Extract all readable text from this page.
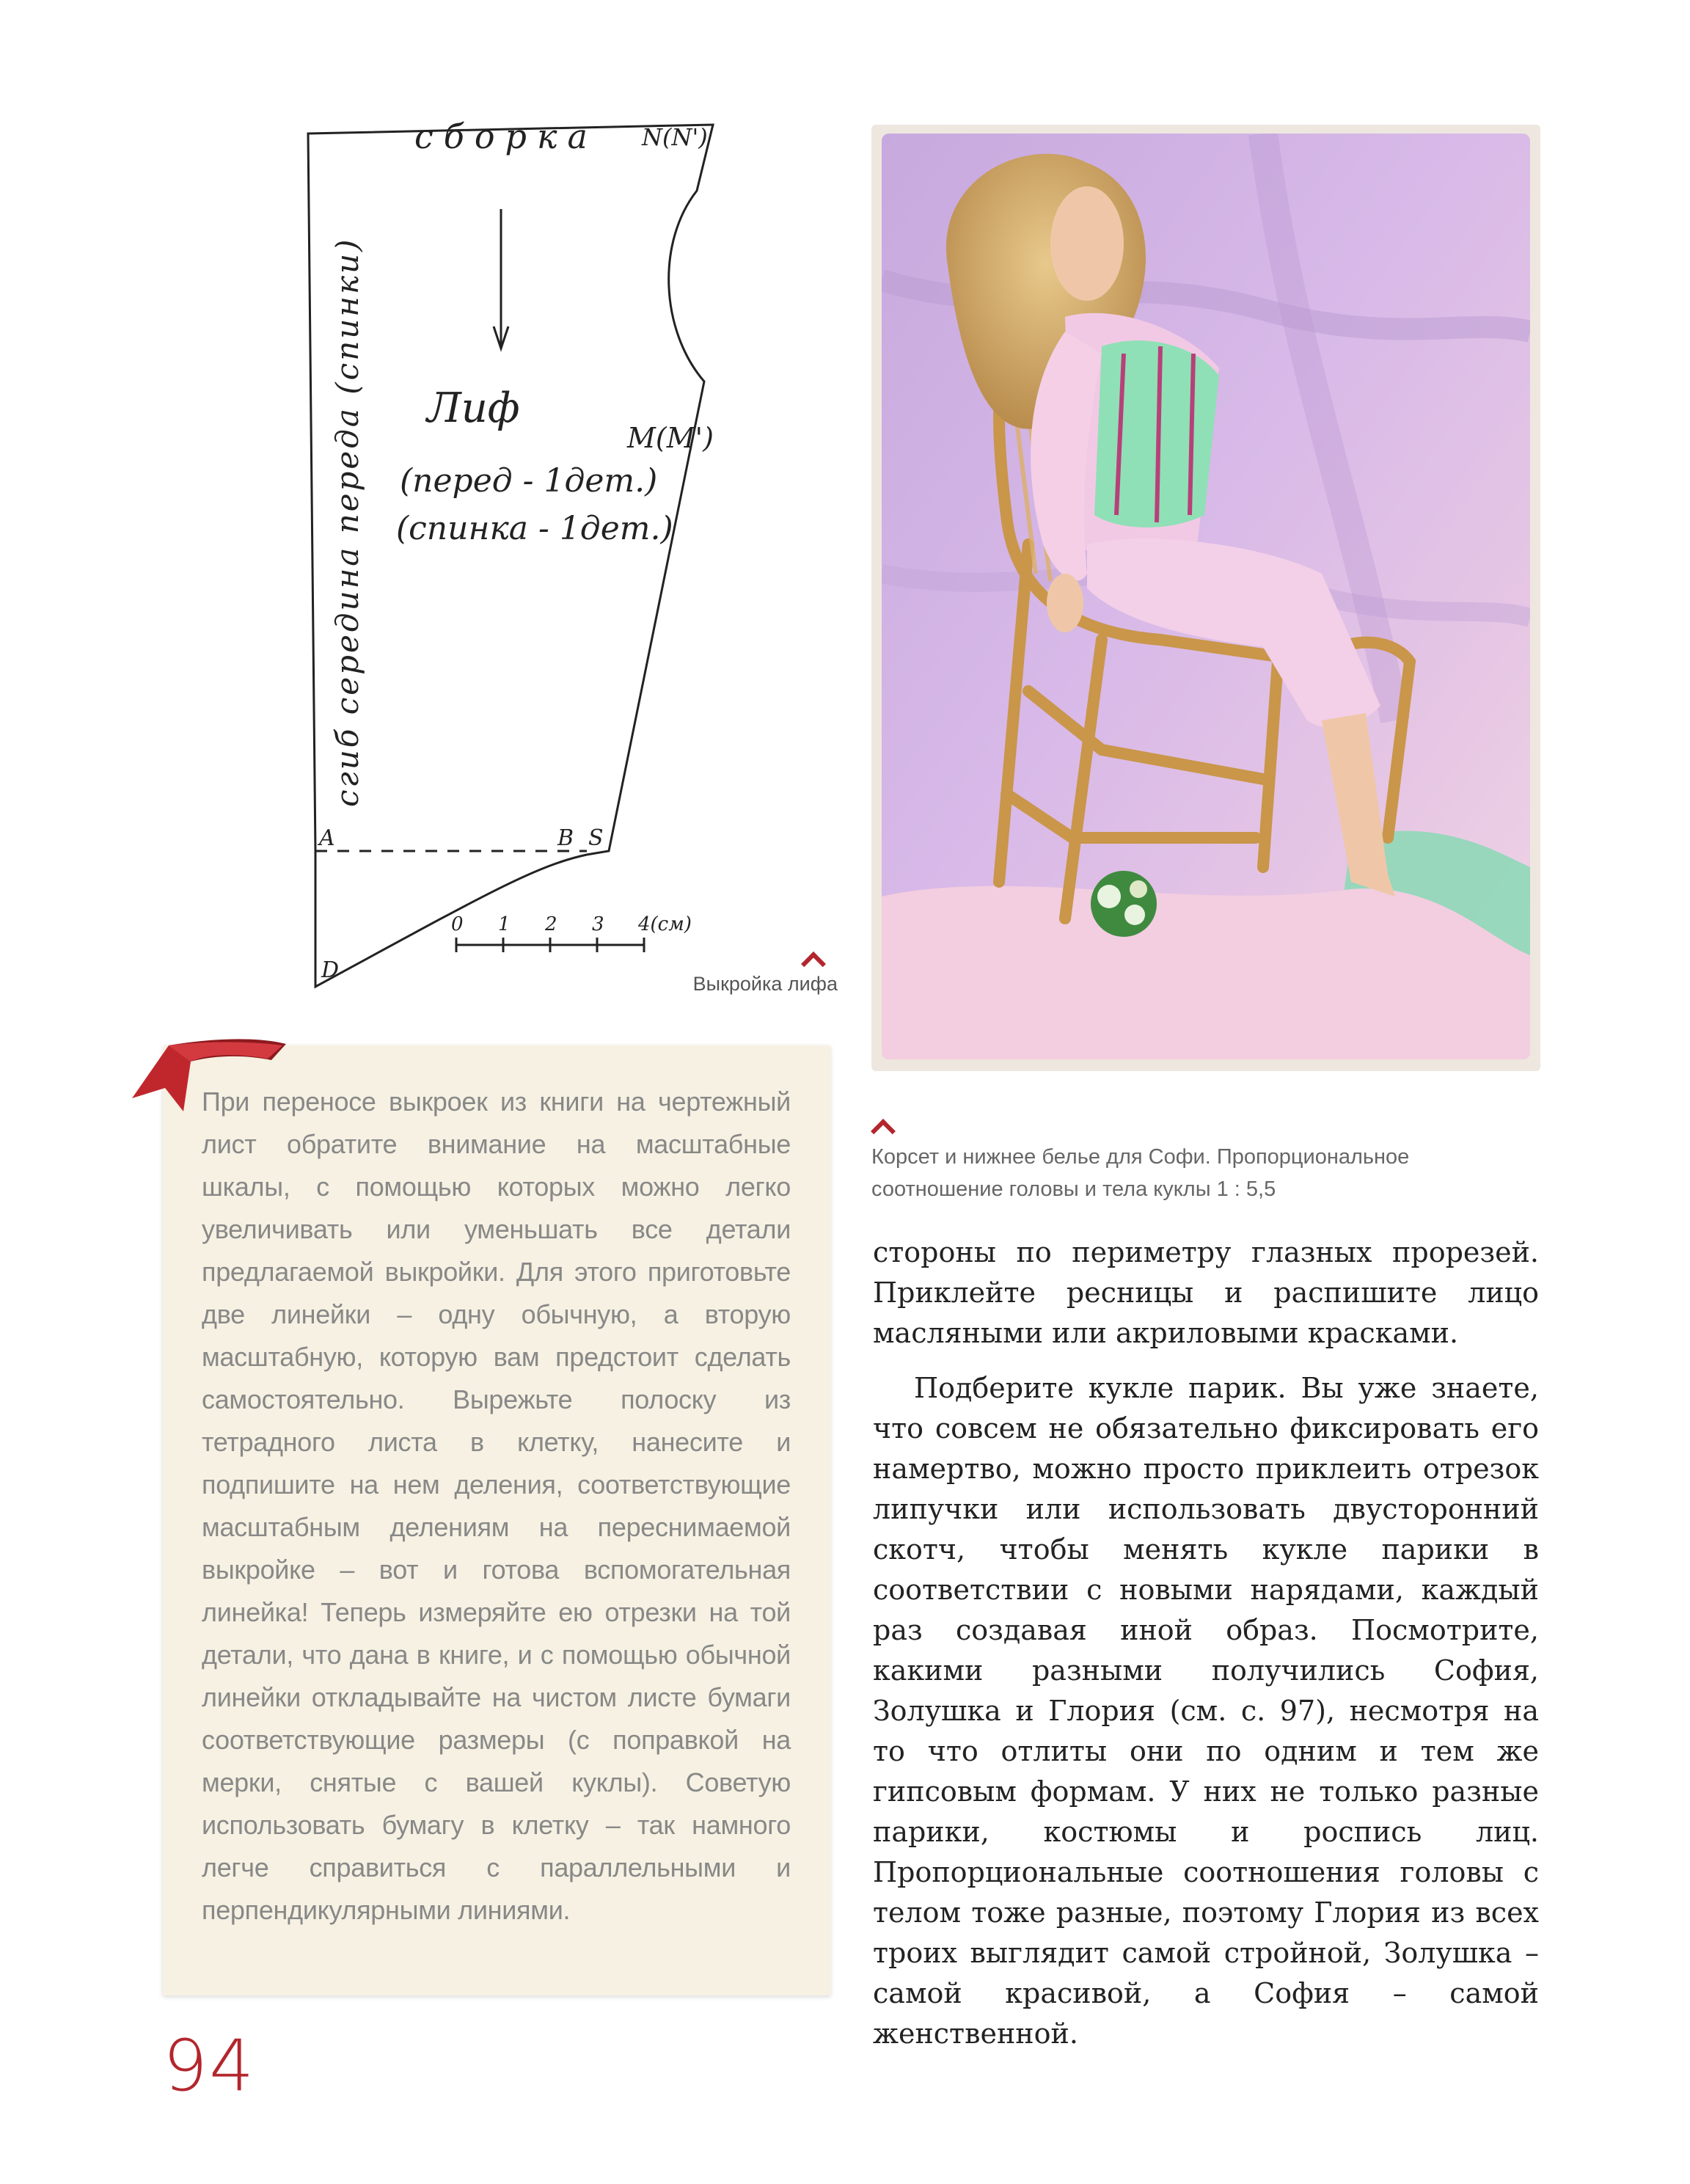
сборка N(N')
M(M')
Лиф
(перед - 1дет.)
(спинка - 1дет.)
сгиб середина переда (спинки)
A	B S
D
0 1 2 3 4(см)
Выкройка лифа
Корсет и нижнее белье для Софи. Пропорциональное соотношение головы и тела куклы 1 : 5,5
При переносе выкроек из книги на чертежный лист обратите внимание на масштабные шкалы, с помощью которых можно легко увеличивать или уменьшать все детали предлагаемой выкройки. Для этого приготовьте две линейки – одну обычную, а вторую масштабную, которую вам предстоит сделать самостоятельно. Вырежьте полоску из тетрадного листа в клетку, нанесите и подпишите на нем деления, соответствующие масштабным делениям на переснимаемой выкройке – вот и готова вспомогательная линейка! Теперь измеряйте ею отрезки на той детали, что дана в книге, и с помощью обычной линейки откладывайте на чистом листе бумаги соответствующие размеры (с поправкой на мерки, снятые с вашей куклы). Советую использовать бумагу в клетку – так намного легче справиться с параллельными и перпендикулярными линиями.

стороны по периметру глазных прорезей. Приклейте ресницы и распишите лицо масляными или акриловыми красками.

Подберите кукле парик. Вы уже знаете, что совсем не обязательно фиксировать его намертво, можно просто приклеить отрезок липучки или использовать двусторонний скотч, чтобы менять кукле парики в соответствии с новыми нарядами, каждый раз создавая иной образ. Посмотрите, какими разными получились София, Золушка и Глория (см. с. 97), несмотря на то что отлиты они по одним и тем же гипсовым формам. У них не только разные парики, костюмы и роспись лиц. Пропорциональные соотношения головы с телом тоже разные, поэтому Глория из всех троих выглядит самой стройной, Золушка – самой красивой, а София – самой женственной.

94
